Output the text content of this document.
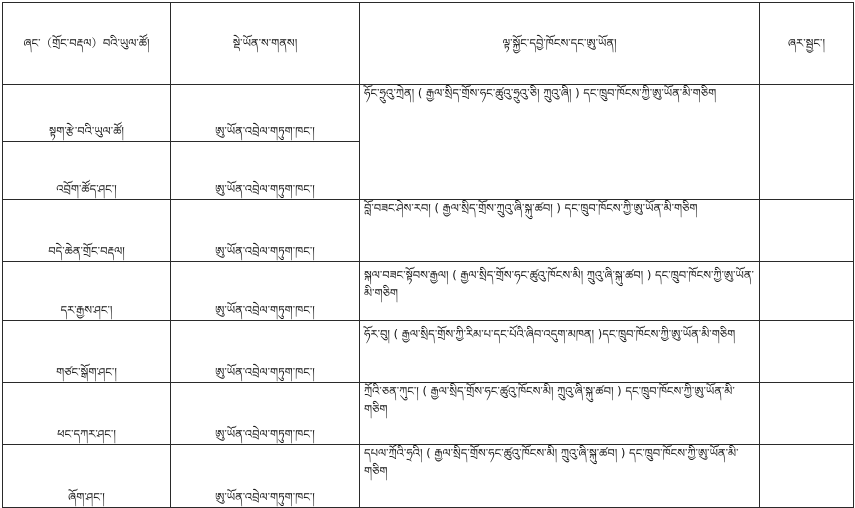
ཞང་（གྲོང་བརྡལ）བའི་ཡུལ་ཚོ།	སྡེ་ཡོན་ས་གནས།	ལྟ་སྐྱོང་དབྱེ་ཁོངས་དང་ཨུ་ཡོན།	ཞར་སྦྱང་།
སྟག་རྩེ་བའི་ཡུལ་ཚོ།	ཨུ་ཡོན་འབྲེལ་གཏུག་ཁང་།	ཧོང་ཧྲུའུ་ཀྲེན། ( རྒྱལ་སྲིད་གྲོས་ཧང་ཚུའུ་ཧྲུའུ་ཅི། ཀྲུའུ་ཞི། ) དང་ཁྲུབ་ཁོངས་ཀྱི་ཨུ་ཡོན་མི་གཅིག	
འབྲོག་ཚོད་ཤང་།	ཨུ་ཡོན་འབྲེལ་གཏུག་ཁང་།		
བདེ་ཆེན་གྲོང་བརྡལ།	ཨུ་ཡོན་འབྲེལ་གཏུག་ཁང་།	བློ་བཟང་ཤེས་རབ། ( རྒྱལ་སྲིད་གྲོས་ཀྲུའུ་ཞི་སྐུ་ཚབ། ) དང་ཁྲུབ་ཁོངས་ཀྱི་ཨུ་ཡོན་མི་གཅིག	
དར་རྒྱས་ཤང་།	ཨུ་ཡོན་འབྲེལ་གཏུག་ཁང་།	སྐལ་བཟང་སྟོབས་རྒྱལ། ( རྒྱལ་སྲིད་གྲོས་ཧང་ཚུའུ་ཁོངས་མི། ཀྲུའུ་ཞི་སྐུ་ཚབ། ) དང་ཁྲུབ་ཁོངས་ཀྱི་ཨུ་ཡོན་མི་གཅིག	
གཙང་སྒོག་ཤང་།	ཨུ་ཡོན་འབྲེལ་གཏུག་ཁང་།	ཧོར་བུ། ( རྒྱལ་སྲིད་གྲོས་ཀྱི་རིམ་པ་དང་པོའི་ཞིབ་འདུག་མཁན། )དང་ཁྲུབ་ཁོངས་ཀྱི་ཨུ་ཡོན་མི་གཅིག	
ཕང་དཀར་ཤང་།	ཨུ་ཡོན་འབྲེལ་གཏུག་ཁང་།	ཀྲོའི་ཅན་ཀུང་། ( རྒྱལ་སྲིད་གྲོས་ཧང་ཚུའུ་ཁོངས་མི། ཀྲུའུ་ཞི་སྐུ་ཚབ། ) དང་ཁྲུབ་ཁོངས་ཀྱི་ཨུ་ཡོན་མི་གཅིག	
ཞོག་ཤང་།	ཨུ་ཡོན་འབྲེལ་གཏུག་ཁང་།	དཔལ་ཀྲོའི་ཧྲའི། ( རྒྱལ་སྲིད་གྲོས་ཧང་ཚུའུ་ཁོངས་མི། ཀྲུའུ་ཞི་སྐུ་ཚབ། ) དང་ཁྲུབ་ཁོངས་ཀྱི་ཨུ་ཡོན་མི་གཅིག	
